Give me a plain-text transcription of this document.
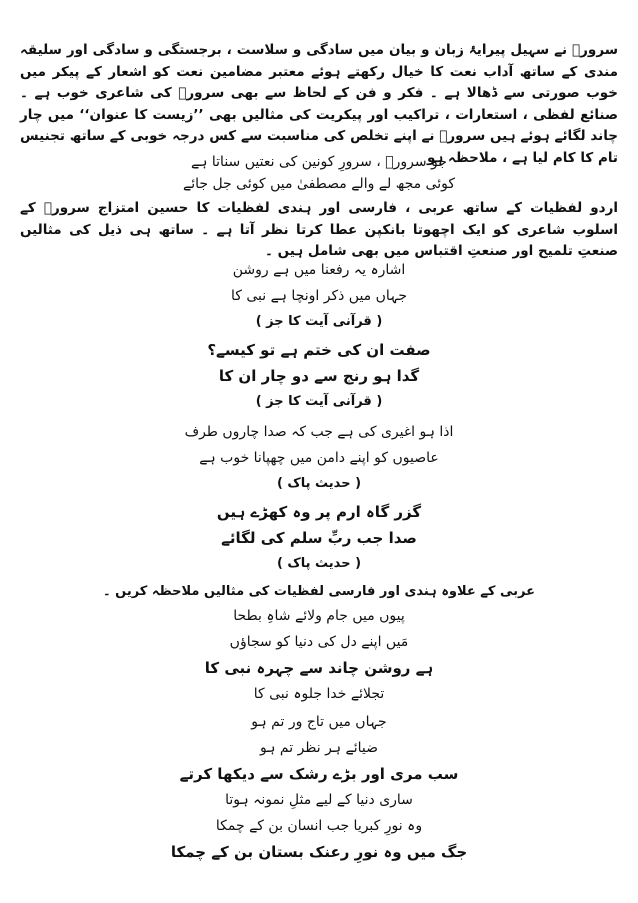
سرورؔ نے سہیل پیرایۂ زبان و بیان میں سادگی و سلاست ، برجستگی و سادگی اور سلیقہ مندی کے ساتھ آداب نعت کا خیال رکھتے ہوئے معتبر مضامین نعت کو اشعار کے پیکر میں خوب صورتی سے ڈھالا ہے ۔ فکر و فن کے لحاظ سے بھی سرورؔ کی شاعری خوب ہے ۔ صنائع لفظی ، استعارات ، تراکیب اور پیکریت کی مثالیں بھی ’’زیست کا عنوان‘‘ میں چار چاند لگائے ہوئے ہیں سرورؔ نے اپنے تخلص کی مناسبت سے کس درجہ خوبی کے ساتھ تجنیس تام کا کام لیا ہے ، ملاحظہ ہو

جو سرورؔ ، سرورِ کونین کی نعتیں سناتا ہے
کوئی مجھ لے والے مصطفیٰ میں کوئی جل جائے

اردو لفظیات کے ساتھ عربی ، فارسی اور ہندی لفظیات کا حسین امتزاج سرورؔ کے اسلوب شاعری کو ایک اچھوتا بانکپن عطا کرتا نظر آتا ہے ۔ ساتھ ہی ذیل کی مثالیں صنعتِ تلمیح اور صنعتِ اقتباس میں بھی شامل ہیں ۔

اشارہ یہ رفعنا میں ہے روشن
جہاں میں ذکر اونچا ہے نبی کا
( قرآنی آیت کا جز )
صفت ان کی ختم ہے تو کیسے؟
گدا ہو رنج سے دو چار ان کا
( قرآنی آیت کا جز )
اذا ہو اغیری کی ہے جب کہ صدا چاروں طرف
عاصیوں کو اپنے دامن میں چھپانا خوب ہے
( حدیث پاک )
گزر گاہ ارم پر وہ کھڑے ہیں
صدا جب ربِّ سلم کی لگائے
( حدیث پاک )
عربی کے علاوہ ہندی اور فارسی لفظیات کی مثالیں ملاحظہ کریں ۔
پیوں میں جام ولائے شاہِ بطحا
مَیں اپنے دل کی دنیا کو سجاؤں
ہے روشن چاند سے چہرہ نبی کا
تجلائے خدا جلوہ نبی کا
جہاں میں تاج ور تم ہو
ضیائے ہر نظر تم ہو
سب مری اور بڑے رشک سے دیکھا کرتے
ساری دنیا کے لیے مثلِ نمونہ ہوتا
وہ نورِ کبریا جب انسان بن کے چمکا
جگ میں وہ نورِ رعنک بستان بن کے چمکا
